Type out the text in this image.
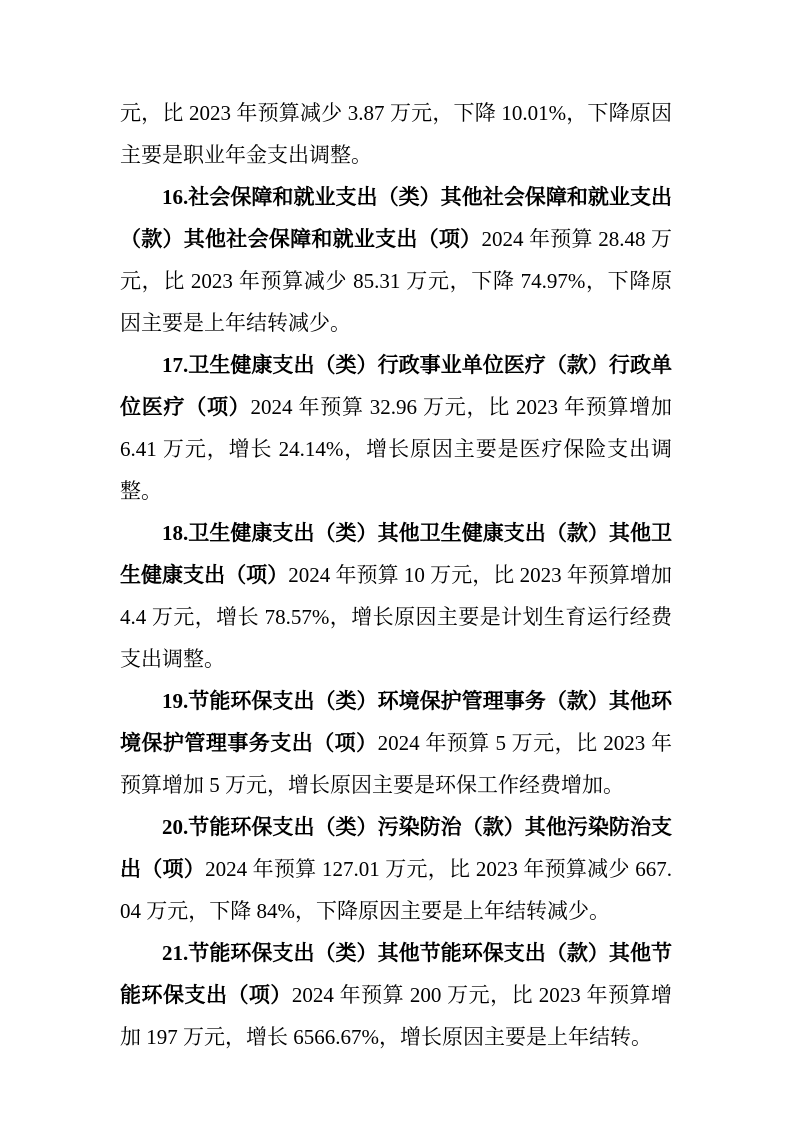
元，比 2023 年预算减少 3.87 万元，下降 10.01%，下降原因主要是职业年金支出调整。

16.社会保障和就业支出（类）其他社会保障和就业支出（款）其他社会保障和就业支出（项）2024 年预算 28.48 万元，比 2023 年预算减少 85.31 万元，下降 74.97%，下降原因主要是上年结转减少。

17.卫生健康支出（类）行政事业单位医疗（款）行政单位医疗（项）2024 年预算 32.96 万元，比 2023 年预算增加 6.41 万元，增长 24.14%，增长原因主要是医疗保险支出调整。

18.卫生健康支出（类）其他卫生健康支出（款）其他卫生健康支出（项）2024 年预算 10 万元，比 2023 年预算增加 4.4 万元，增长 78.57%，增长原因主要是计划生育运行经费支出调整。

19.节能环保支出（类）环境保护管理事务（款）其他环境保护管理事务支出（项）2024 年预算 5 万元，比 2023 年预算增加 5 万元，增长原因主要是环保工作经费增加。

20.节能环保支出（类）污染防治（款）其他污染防治支出（项）2024 年预算 127.01 万元，比 2023 年预算减少 667.04 万元，下降 84%，下降原因主要是上年结转减少。

21.节能环保支出（类）其他节能环保支出（款）其他节能环保支出（项）2024 年预算 200 万元，比 2023 年预算增加 197 万元，增长 6566.67%，增长原因主要是上年结转。
